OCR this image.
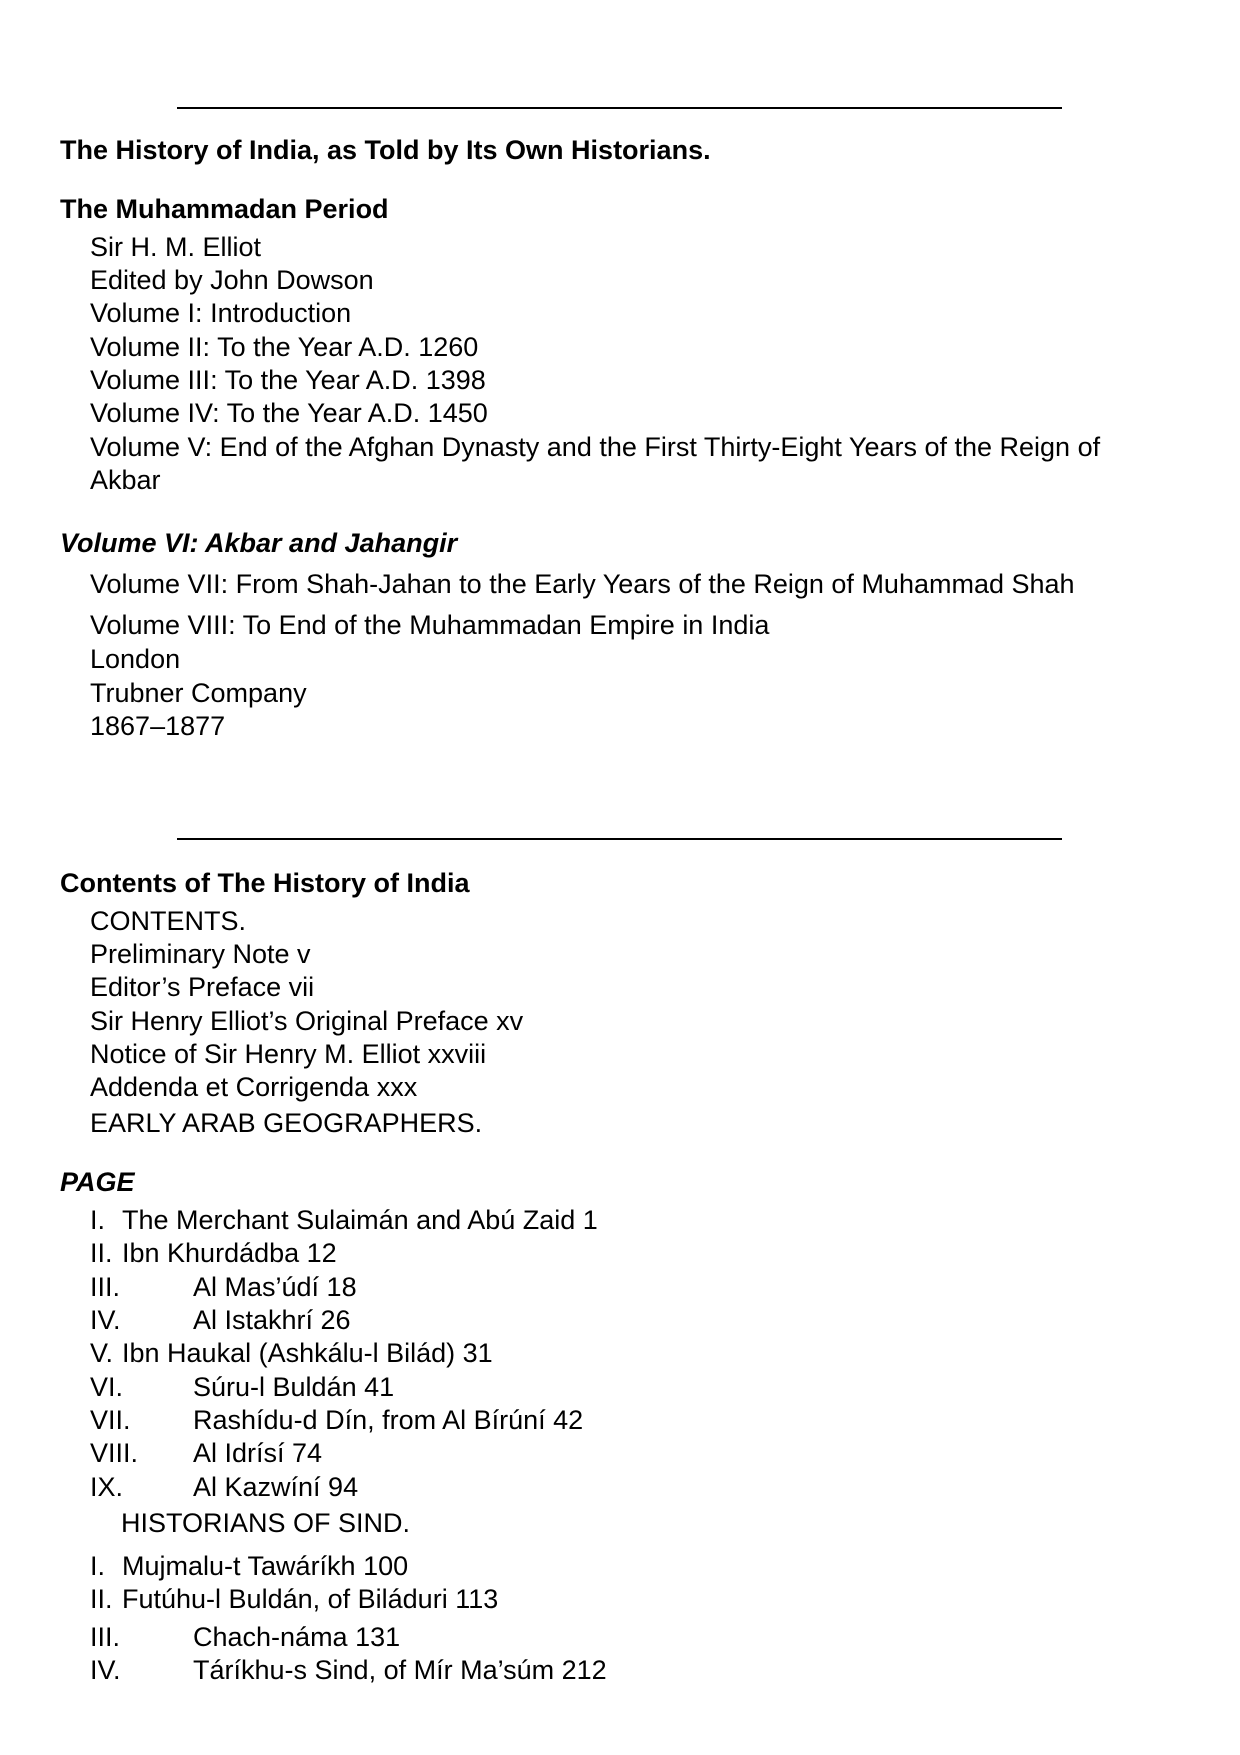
The History of India, as Told by Its Own Historians.
The Muhammadan Period
Sir H. M. Elliot
Edited by John Dowson
Volume I: Introduction
Volume II: To the Year A.D. 1260
Volume III: To the Year A.D. 1398
Volume IV: To the Year A.D. 1450
Volume V: End of the Afghan Dynasty and the First Thirty-Eight Years of the Reign of
Akbar
Volume VI: Akbar and Jahangir
Volume VII: From Shah-Jahan to the Early Years of the Reign of Muhammad Shah
Volume VIII: To End of the Muhammadan Empire in India
London
Trubner Company
1867–1877
Contents of The History of India
CONTENTS.
Preliminary Note v
Editor’s Preface vii
Sir Henry Elliot’s Original Preface xv
Notice of Sir Henry M. Elliot xxviii
Addenda et Corrigenda xxx
EARLY ARAB GEOGRAPHERS.
PAGE
I. The Merchant Sulaimán and Abú Zaid 1
II. Ibn Khurdádba 12
III.	Al Mas’údí 18
IV.	Al Istakhrí 26
V. Ibn Haukal (Ashkálu-l Bilád) 31
VI.	Súru-l Buldán 41
VII. Rashídu-d Dín, from Al Bírúní 42
VIII. Al Idrísí 74
IX.	Al Kazwíní 94
HISTORIANS OF SIND.
I. Mujmalu-t Tawáríkh 100
II. Futúhu-l Buldán, of Biláduri 113
III.	Chach-náma 131
IV.	Táríkhu-s Sind, of Mír Ma’súm 212
